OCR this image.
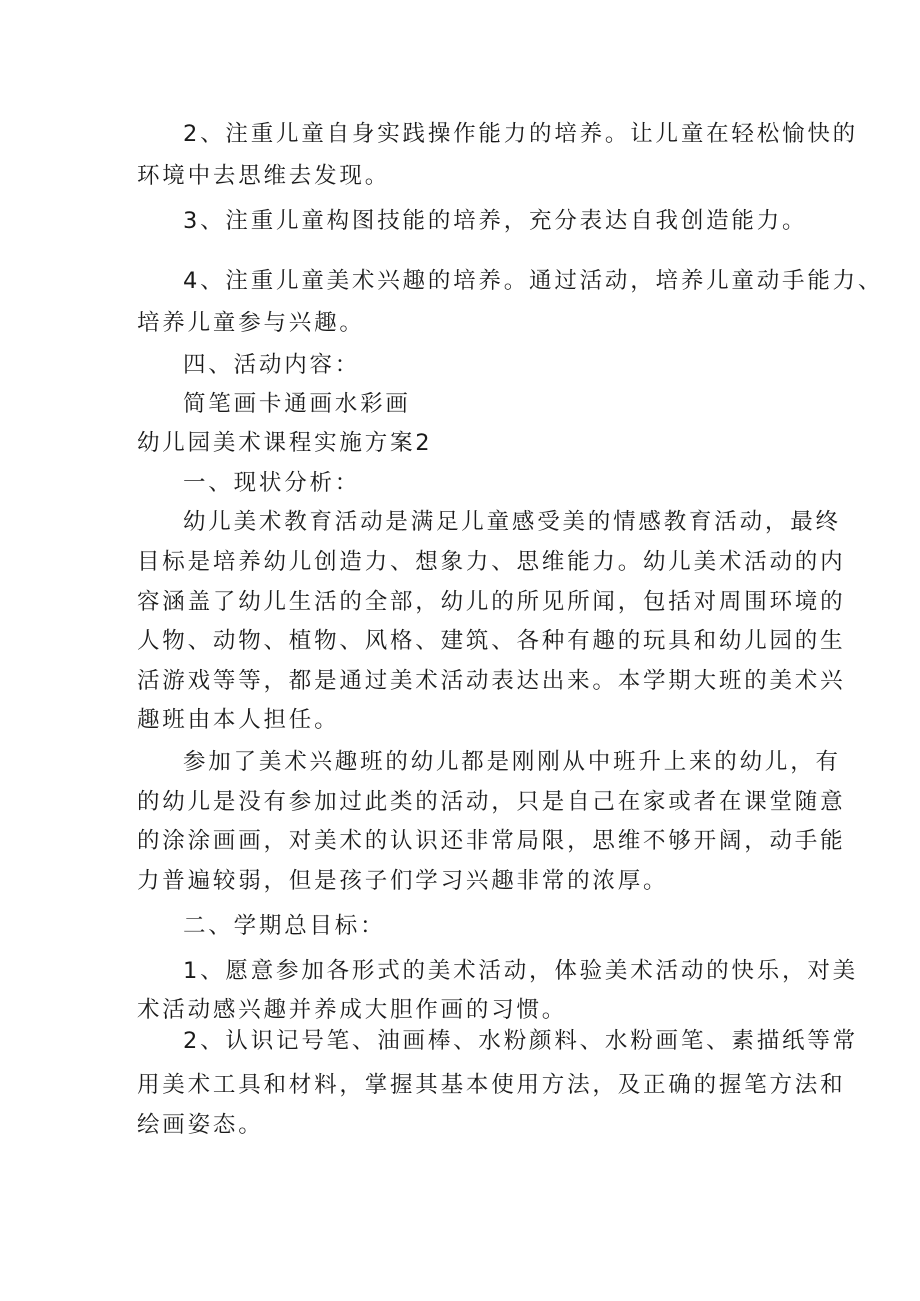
2、注重儿童自身实践操作能力的培养。让儿童在轻松愉快的

环境中去思维去发现。

3、注重儿童构图技能的培养，充分表达自我创造能力。

4、注重儿童美术兴趣的培养。通过活动，培养儿童动手能力、

培养儿童参与兴趣。

四、活动内容：

简笔画卡通画水彩画

幼儿园美术课程实施方案2

一、现状分析：

幼儿美术教育活动是满足儿童感受美的情感教育活动，最终

目标是培养幼儿创造力、想象力、思维能力。幼儿美术活动的内

容涵盖了幼儿生活的全部，幼儿的所见所闻，包括对周围环境的

人物、动物、植物、风格、建筑、各种有趣的玩具和幼儿园的生

活游戏等等，都是通过美术活动表达出来。本学期大班的美术兴

趣班由本人担任。

参加了美术兴趣班的幼儿都是刚刚从中班升上来的幼儿，有

的幼儿是没有参加过此类的活动，只是自己在家或者在课堂随意

的涂涂画画，对美术的认识还非常局限，思维不够开阔，动手能

力普遍较弱，但是孩子们学习兴趣非常的浓厚。

二、学期总目标：

1、愿意参加各形式的美术活动，体验美术活动的快乐，对美

术活动感兴趣并养成大胆作画的习惯。

2、认识记号笔、油画棒、水粉颜料、水粉画笔、素描纸等常

用美术工具和材料，掌握其基本使用方法，及正确的握笔方法和

绘画姿态。
